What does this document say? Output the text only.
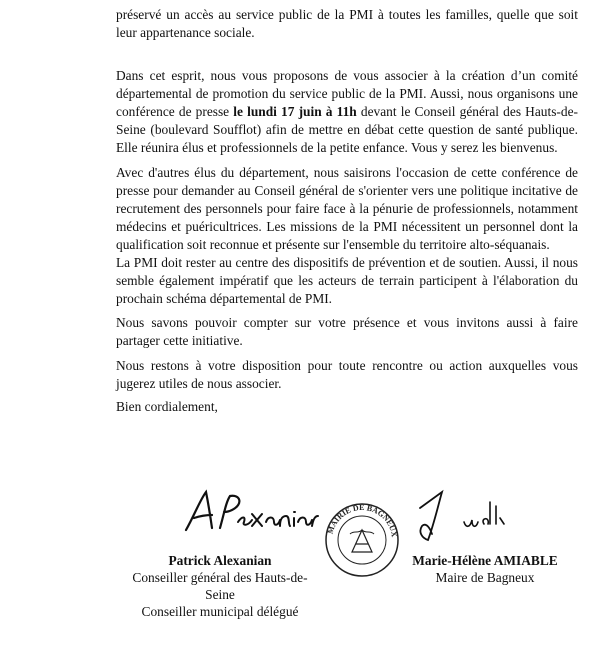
préservé un accès au service public de la PMI à toutes les familles, quelle que soit leur appartenance sociale.

Dans cet esprit, nous vous proposons de vous associer à la création d’un comité départemental de promotion du service public de la PMI. Aussi, nous organisons une conférence de presse le lundi 17 juin à 11h devant le Conseil général des Hauts-de-Seine (boulevard Soufflot) afin de mettre en débat cette question de santé publique. Elle réunira élus et professionnels de la petite enfance. Vous y serez les bienvenus.

Avec d'autres élus du département, nous saisirons l'occasion de cette conférence de presse pour demander au Conseil général de s'orienter vers une politique incitative de recrutement des personnels pour faire face à la pénurie de professionnels, notamment médecins et puéricultrices. Les missions de la PMI nécessitent un personnel dont la qualification soit reconnue et présente sur l'ensemble du territoire alto-séquanais.

La PMI doit rester au centre des dispositifs de prévention et de soutien. Aussi, il nous semble également impératif que les acteurs de terrain participent à l'élaboration du prochain schéma départemental de PMI.

Nous savons pouvoir compter sur votre présence et vous invitons aussi à faire partager cette initiative.

Nous restons à votre disposition pour toute rencontre ou action auxquelles vous jugerez utiles de nous associer.

Bien cordialement,

MAIRIE DE BAGNEUX
Patrick Alexanian
Conseiller général des Hauts-de-Seine
Conseiller municipal délégué
Marie-Hélène AMIABLE
Maire de Bagneux
